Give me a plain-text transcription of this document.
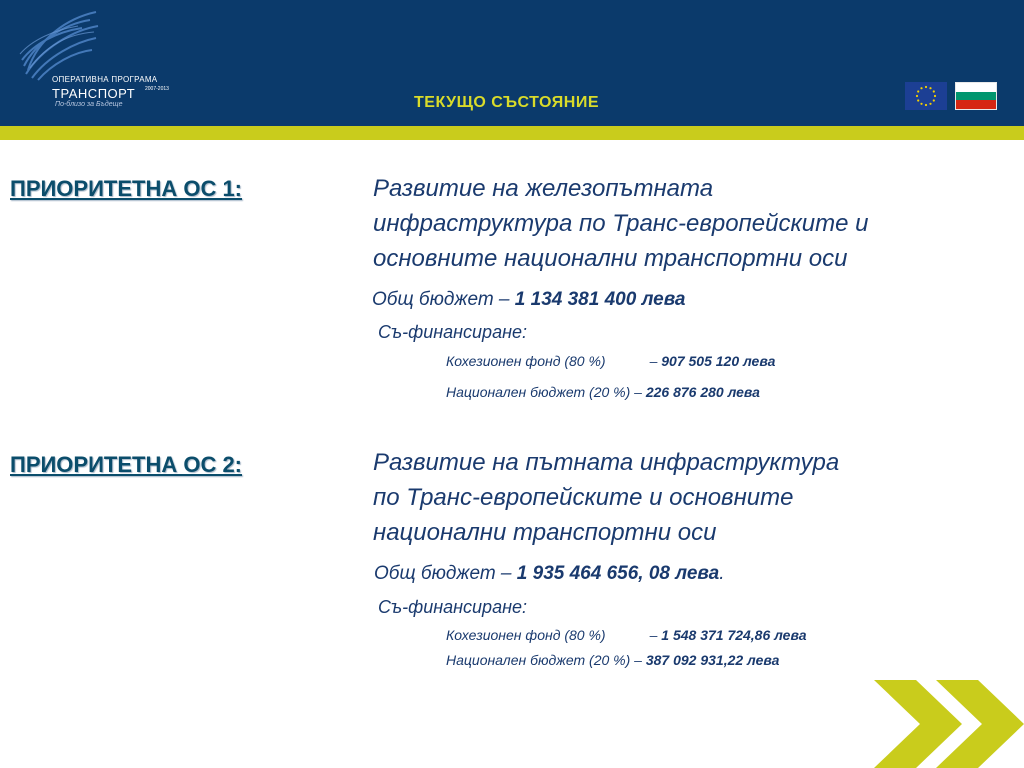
ОПЕРАТИВНА ПРОГРАМА
ТРАНСПОРТ 2007-2013
По-близо за Бъдеще	ТЕКУЩО СЪСТОЯНИЕ
ПРИОРИТЕТНА ОС 1:	Развитие на железопътната
инфраструктура по Транс-европейските и
основните национални транспортни оси
Общ бюджет – 1 134 381 400 лева
Съ-финансиране:
Кохезионен фонд (80 %)	– 907 505 120 лева
Национален бюджет (20 %) – 226 876 280 лева
ПРИОРИТЕТНА ОС 2:	Развитие на пътната инфраструктура
по Транс-европейските и основните
национални транспортни оси
Общ бюджет – 1 935 464 656, 08 лева.
Съ-финансиране:
Кохезионен фонд (80 %)	– 1 548 371 724,86 лева
Национален бюджет (20 %) – 387 092 931,22 лева
